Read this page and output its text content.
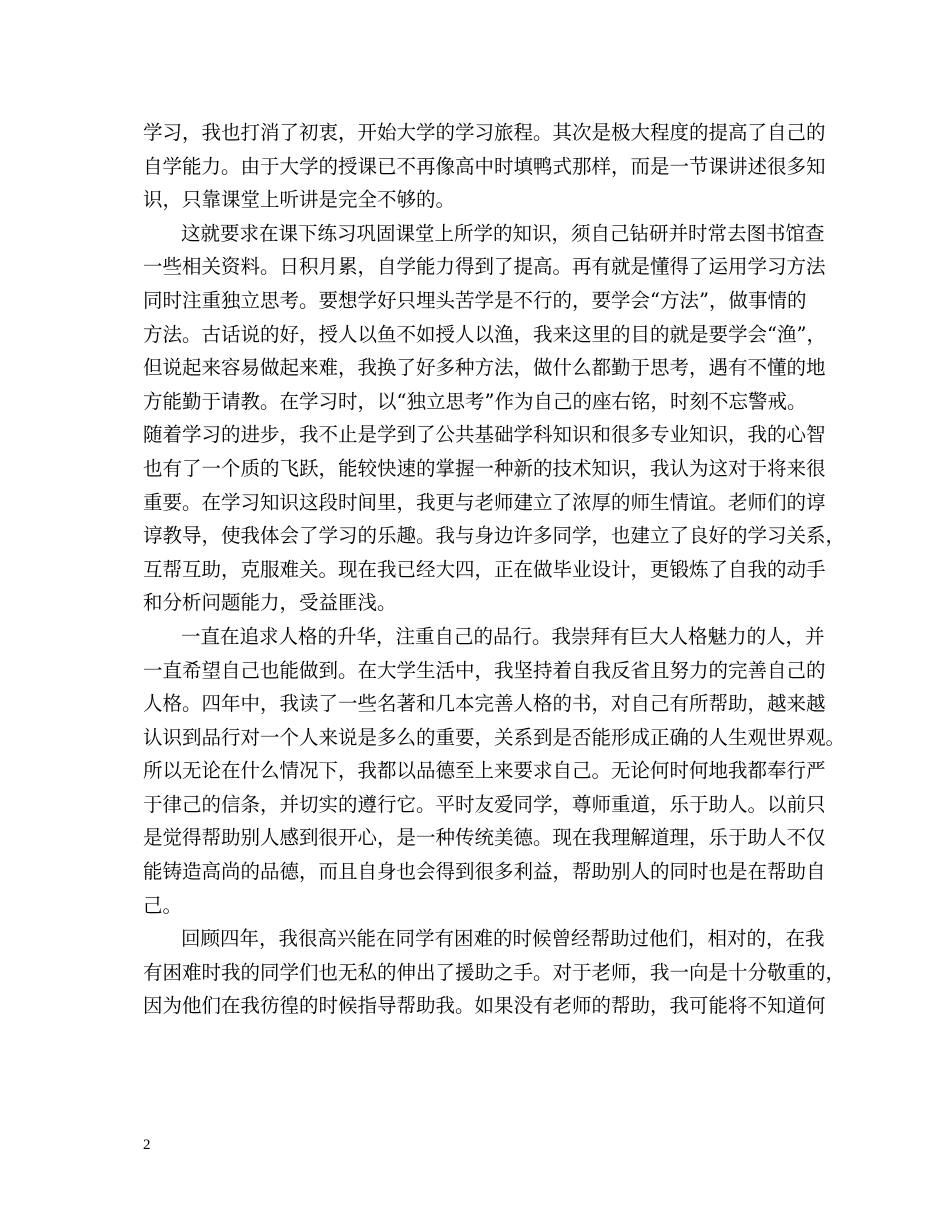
学习，我也打消了初衷，开始大学的学习旅程。其次是极大程度的提高了自己的
自学能力。由于大学的授课已不再像高中时填鸭式那样，而是一节课讲述很多知
识，只靠课堂上听讲是完全不够的。
这就要求在课下练习巩固课堂上所学的知识，须自己钻研并时常去图书馆查
一些相关资料。日积月累，自学能力得到了提高。再有就是懂得了运用学习方法
同时注重独立思考。要想学好只埋头苦学是不行的，要学会“方法”，做事情的
方法。古话说的好，授人以鱼不如授人以渔，我来这里的目的就是要学会“渔”，
但说起来容易做起来难，我换了好多种方法，做什么都勤于思考，遇有不懂的地
方能勤于请教。在学习时，以“独立思考”作为自己的座右铭，时刻不忘警戒。
随着学习的进步，我不止是学到了公共基础学科知识和很多专业知识，我的心智
也有了一个质的飞跃，能较快速的掌握一种新的技术知识，我认为这对于将来很
重要。在学习知识这段时间里，我更与老师建立了浓厚的师生情谊。老师们的谆
谆教导，使我体会了学习的乐趣。我与身边许多同学，也建立了良好的学习关系，
互帮互助，克服难关。现在我已经大四，正在做毕业设计，更锻炼了自我的动手
和分析问题能力，受益匪浅。
一直在追求人格的升华，注重自己的品行。我崇拜有巨大人格魅力的人，并
一直希望自己也能做到。在大学生活中，我坚持着自我反省且努力的完善自己的
人格。四年中，我读了一些名著和几本完善人格的书，对自己有所帮助，越来越
认识到品行对一个人来说是多么的重要，关系到是否能形成正确的人生观世界观。
所以无论在什么情况下，我都以品德至上来要求自己。无论何时何地我都奉行严
于律己的信条，并切实的遵行它。平时友爱同学，尊师重道，乐于助人。以前只
是觉得帮助别人感到很开心，是一种传统美德。现在我理解道理，乐于助人不仅
能铸造高尚的品德，而且自身也会得到很多利益，帮助别人的同时也是在帮助自
己。
回顾四年，我很高兴能在同学有困难的时候曾经帮助过他们，相对的，在我
有困难时我的同学们也无私的伸出了援助之手。对于老师，我一向是十分敬重的，
因为他们在我彷徨的时候指导帮助我。如果没有老师的帮助，我可能将不知道何
2
